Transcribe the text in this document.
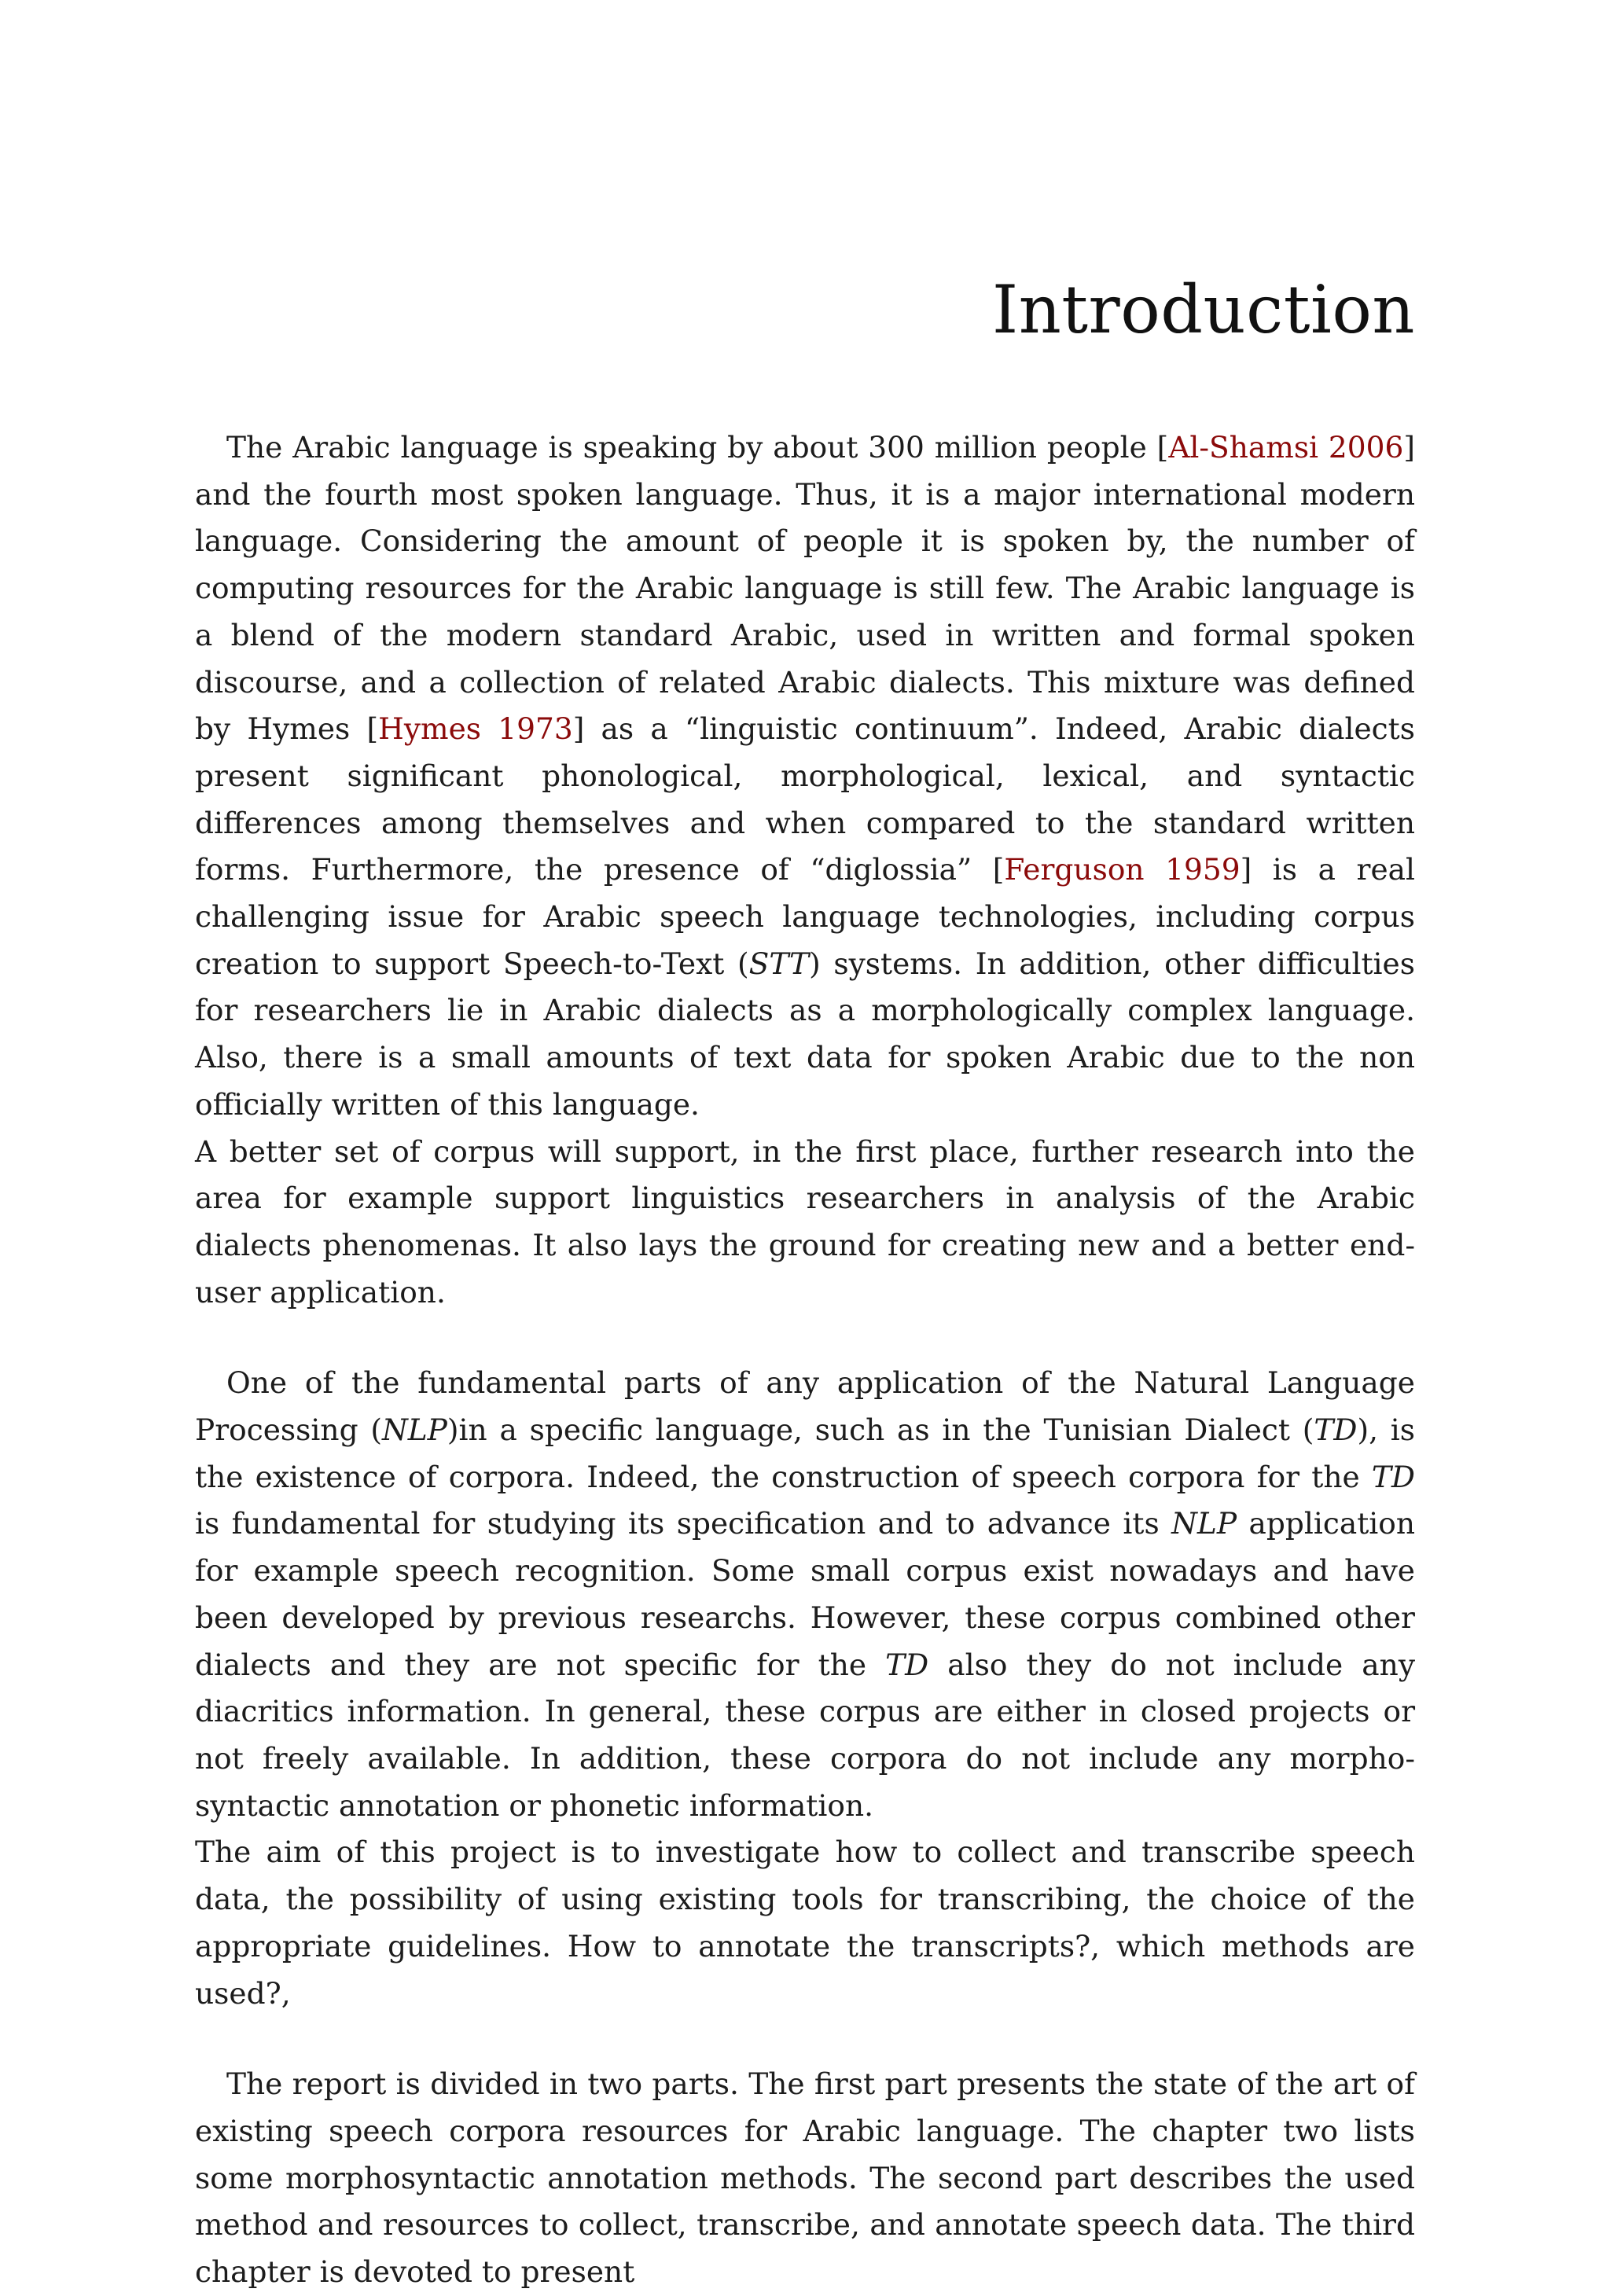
Introduction

The Arabic language is speaking by about 300 million people [Al-Shamsi 2006] and the fourth most spoken language. Thus, it is a major international modern language. Considering the amount of people it is spoken by, the number of computing resources for the Arabic language is still few. The Arabic language is a blend of the modern standard Arabic, used in written and formal spoken discourse, and a collection of related Arabic dialects. This mixture was defined by Hymes [Hymes 1973] as a “linguistic continuum”. Indeed, Arabic dialects present significant phonological, morphological, lexical, and syntactic differences among themselves and when compared to the standard written forms. Furthermore, the presence of “diglossia” [Ferguson 1959] is a real challenging issue for Arabic speech language technologies, including corpus creation to support Speech-to-Text (STT) systems. In addition, other difficulties for researchers lie in Arabic dialects as a morphologically complex language. Also, there is a small amounts of text data for spoken Arabic due to the non officially written of this language.

A better set of corpus will support, in the first place, further research into the area for example support linguistics researchers in analysis of the Arabic dialects phenomenas. It also lays the ground for creating new and a better end-user application.

One of the fundamental parts of any application of the Natural Language Processing (NLP)in a specific language, such as in the Tunisian Dialect (TD), is the existence of corpora. Indeed, the construction of speech corpora for the TD is fundamental for studying its specification and to advance its NLP application for example speech recognition. Some small corpus exist nowadays and have been developed by previous researchs. However, these corpus combined other dialects and they are not specific for the TD also they do not include any diacritics information. In general, these corpus are either in closed projects or not freely available. In addition, these corpora do not include any morphosyntactic annotation or phonetic information.

The aim of this project is to investigate how to collect and transcribe speech data, the possibility of using existing tools for transcribing, the choice of the appropriate guidelines. How to annotate the transcripts?, which methods are used?,

The report is divided in two parts. The first part presents the state of the art of existing speech corpora resources for Arabic language. The chapter two lists some morphosyntactic annotation methods. The second part describes the used method and resources to collect, transcribe, and annotate speech data. The third chapter is devoted to present
